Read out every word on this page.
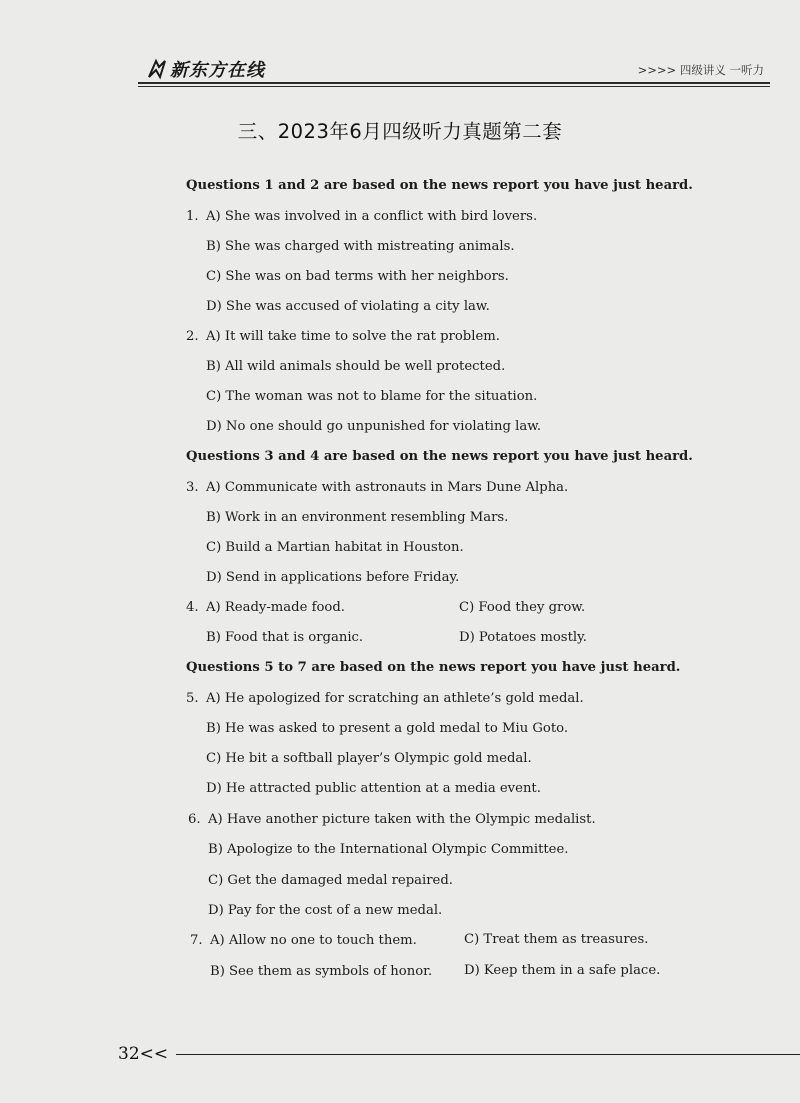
新东方在线	>>>> 四级讲义 一听力
三、2023年6月四级听力真题第二套
Questions 1 and 2 are based on the news report you have just heard.
1. A) She was involved in a conflict with bird lovers.
B) She was charged with mistreating animals.
C) She was on bad terms with her neighbors.
D) She was accused of violating a city law.
2. A) It will take time to solve the rat problem.
B) All wild animals should be well protected.
C) The woman was not to blame for the situation.
D) No one should go unpunished for violating law.
Questions 3 and 4 are based on the news report you have just heard.
3. A) Communicate with astronauts in Mars Dune Alpha.
B) Work in an environment resembling Mars.
C) Build a Martian habitat in Houston.
D) Send in applications before Friday.
4. A) Ready-made food.	C) Food they grow.
B) Food that is organic.	D) Potatoes mostly.
Questions 5 to 7 are based on the news report you have just heard.
5. A) He apologized for scratching an athlete’s gold medal.
B) He was asked to present a gold medal to Miu Goto.
C) He bit a softball player’s Olympic gold medal.
D) He attracted public attention at a media event.
6. A) Have another picture taken with the Olympic medalist.
B) Apologize to the International Olympic Committee.
C) Get the damaged medal repaired.
D) Pay for the cost of a new medal.
7. A) Allow no one to touch them.	C) Treat them as treasures.
B) See them as symbols of honor. D) Keep them in a safe place.
32<<
